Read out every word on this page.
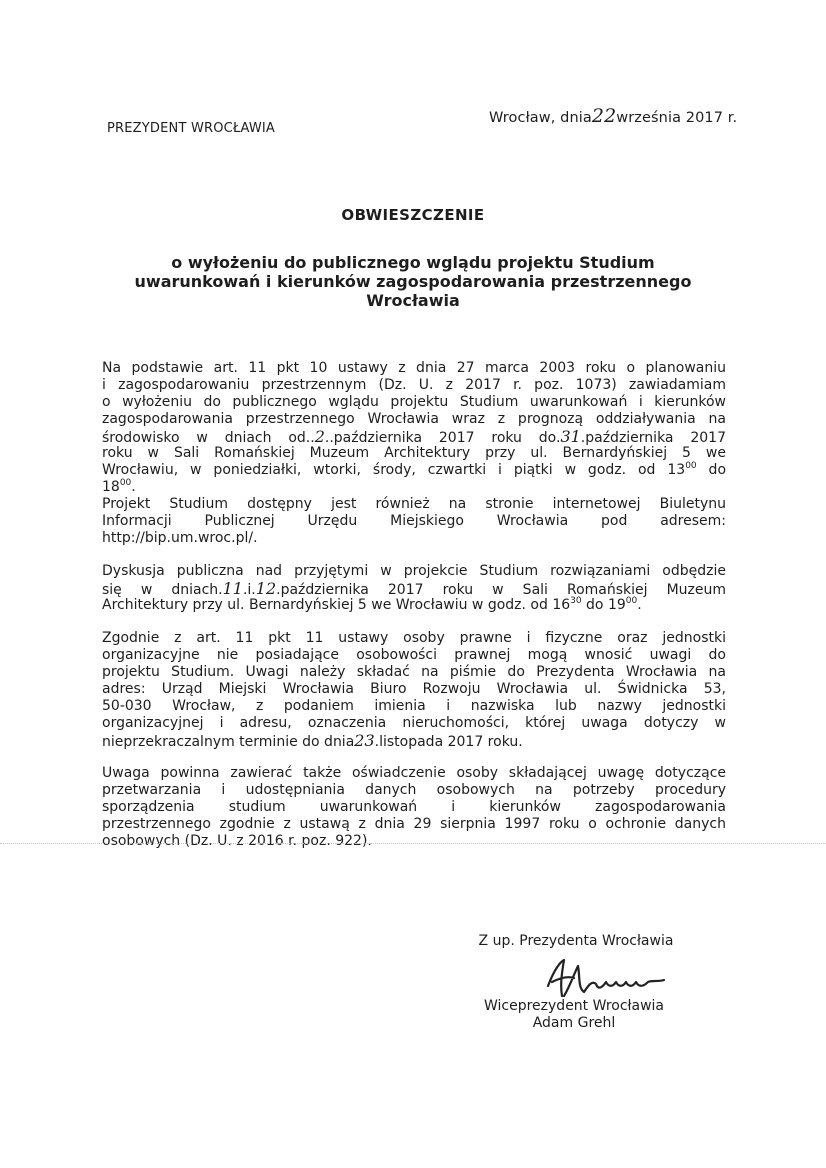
Wrocław, dnia22września 2017 r.
PREZYDENT WROCŁAWIA
OBWIESZCZENIE
o wyłożeniu do publicznego wglądu projektu Studium
uwarunkowań i kierunków zagospodarowania przestrzennego
Wrocławia
Na podstawie art. 11 pkt 10 ustawy z dnia 27 marca 2003 roku o planowaniu
i zagospodarowaniu przestrzennym (Dz. U. z 2017 r. poz. 1073) zawiadamiam
o wyłożeniu do publicznego wglądu projektu Studium uwarunkowań i kierunków
zagospodarowania przestrzennego Wrocławia wraz z prognozą oddziaływania na
środowisko w dniach od..2..października 2017 roku do.31.października 2017
roku w Sali Romańskiej Muzeum Architektury przy ul. Bernardyńskiej 5 we
Wrocławiu, w poniedziałki, wtorki, środy, czwartki i piątki w godz. od $13^{00}$ do
$18^{00}$.
Projekt Studium dostępny jest również na stronie internetowej Biuletynu
Informacji Publicznej Urzędu Miejskiego Wrocławia pod adresem:
http://bip.um.wroc.pl/.
Dyskusja publiczna nad przyjętymi w projekcie Studium rozwiązaniami odbędzie
się w dniach.11.i.12.października 2017 roku w Sali Romańskiej Muzeum
Architektury przy ul. Bernardyńskiej 5 we Wrocławiu w godz. od $16^{30}$ do $19^{00}$.
Zgodnie z art. 11 pkt 11 ustawy osoby prawne i fizyczne oraz jednostki
organizacyjne nie posiadające osobowości prawnej mogą wnosić uwagi do
projektu Studium. Uwagi należy składać na piśmie do Prezydenta Wrocławia na
adres: Urząd Miejski Wrocławia Biuro Rozwoju Wrocławia ul. Świdnicka 53,
50-030 Wrocław, z podaniem imienia i nazwiska lub nazwy jednostki
organizacyjnej i adresu, oznaczenia nieruchomości, której uwaga dotyczy w
nieprzekraczalnym terminie do dnia23.listopada 2017 roku.
Uwaga powinna zawierać także oświadczenie osoby składającej uwagę dotyczące
przetwarzania i udostępniania danych osobowych na potrzeby procedury
sporządzenia studium uwarunkowań i kierunków zagospodarowania
przestrzennego zgodnie z ustawą z dnia 29 sierpnia 1997 roku o ochronie danych
osobowych (Dz. U. z 2016 r. poz. 922).
Z up. Prezydenta Wrocławia
Wiceprezydent Wrocławia
Adam Grehl
